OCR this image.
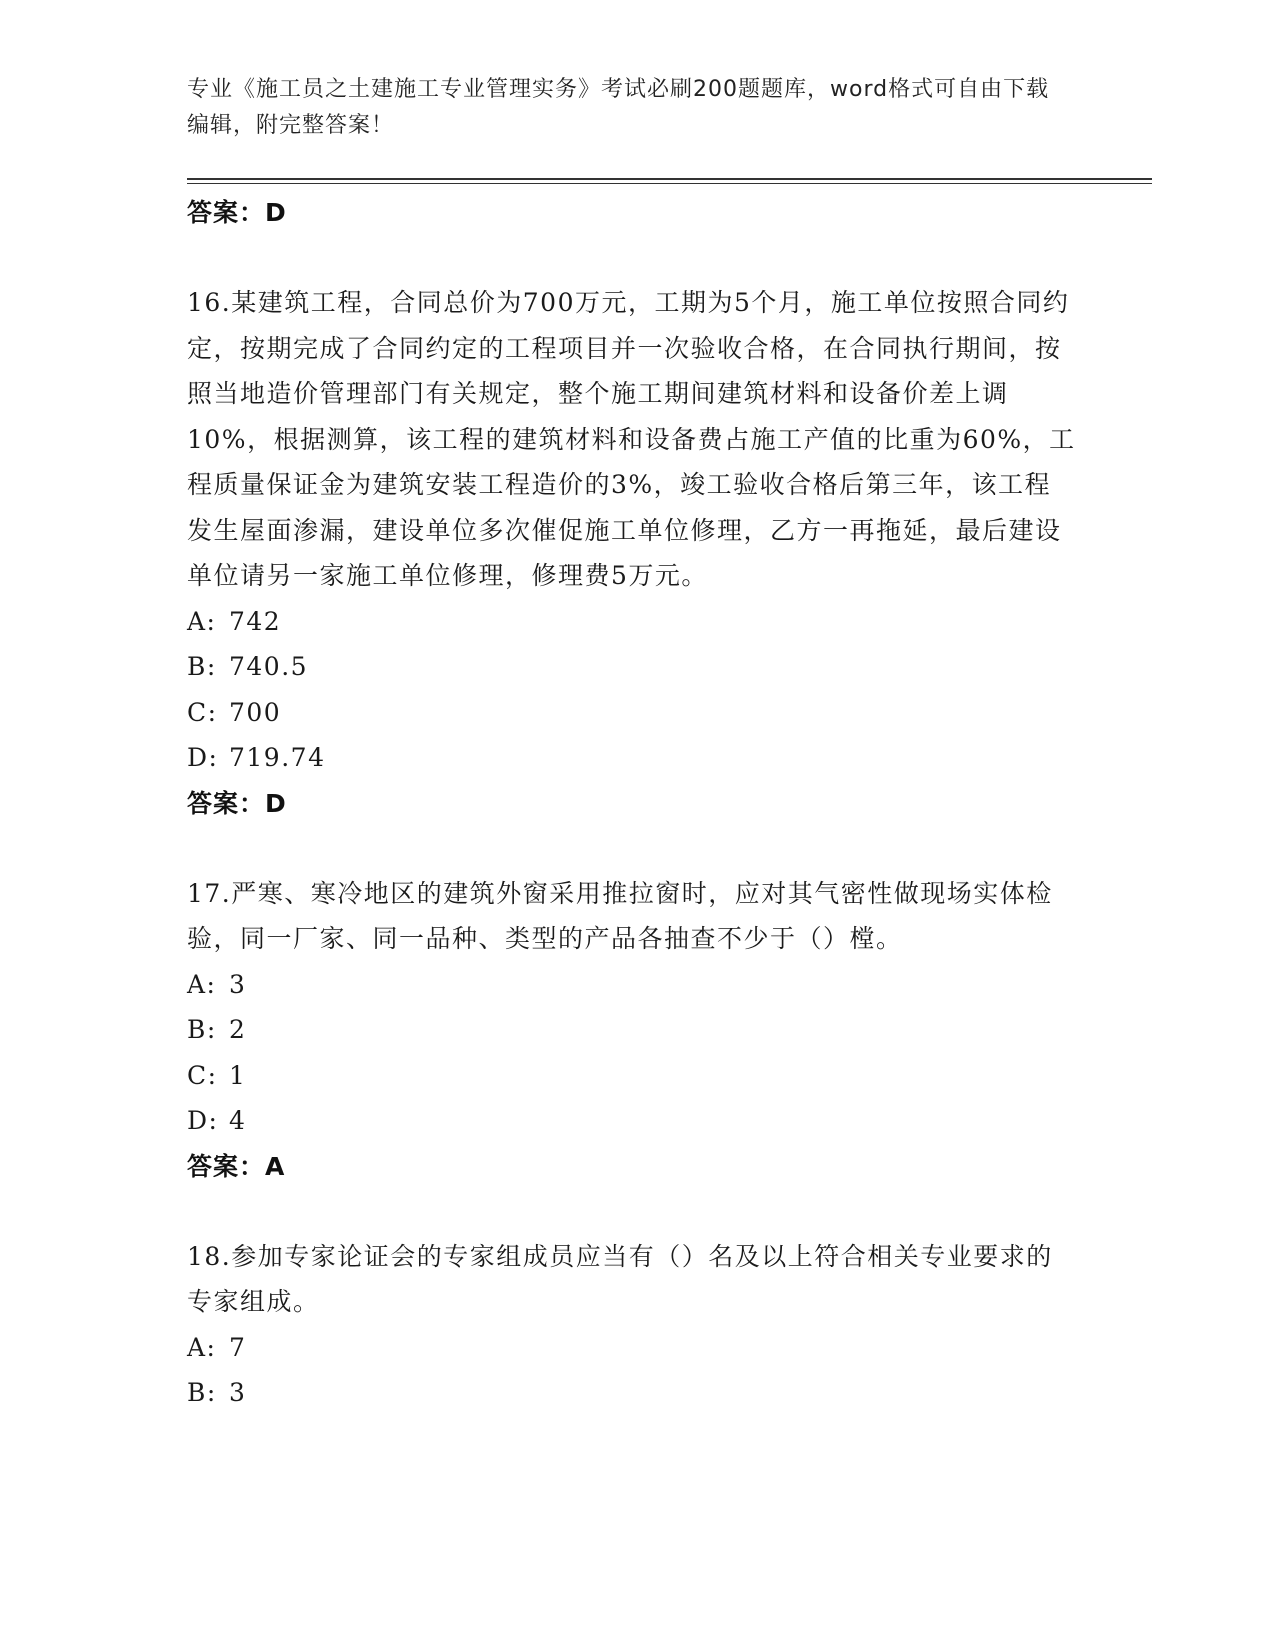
专业《施工员之土建施工专业管理实务》考试必刷200题题库，word格式可自由下载编辑，附完整答案！
答案：D
16.某建筑工程，合同总价为700万元，工期为5个月，施工单位按照合同约定，按期完成了合同约定的工程项目并一次验收合格，在合同执行期间，按照当地造价管理部门有关规定，整个施工期间建筑材料和设备价差上调10%，根据测算，该工程的建筑材料和设备费占施工产值的比重为60%，工程质量保证金为建筑安装工程造价的3%，竣工验收合格后第三年，该工程发生屋面渗漏，建设单位多次催促施工单位修理，乙方一再拖延，最后建设单位请另一家施工单位修理，修理费5万元。
A: 742
B: 740.5
C: 700
D: 719.74
答案：D
17.严寒、寒冷地区的建筑外窗采用推拉窗时，应对其气密性做现场实体检验，同一厂家、同一品种、类型的产品各抽查不少于（）樘。
A: 3
B: 2
C: 1
D: 4
答案：A
18.参加专家论证会的专家组成员应当有（）名及以上符合相关专业要求的专家组成。
A: 7
B: 3
